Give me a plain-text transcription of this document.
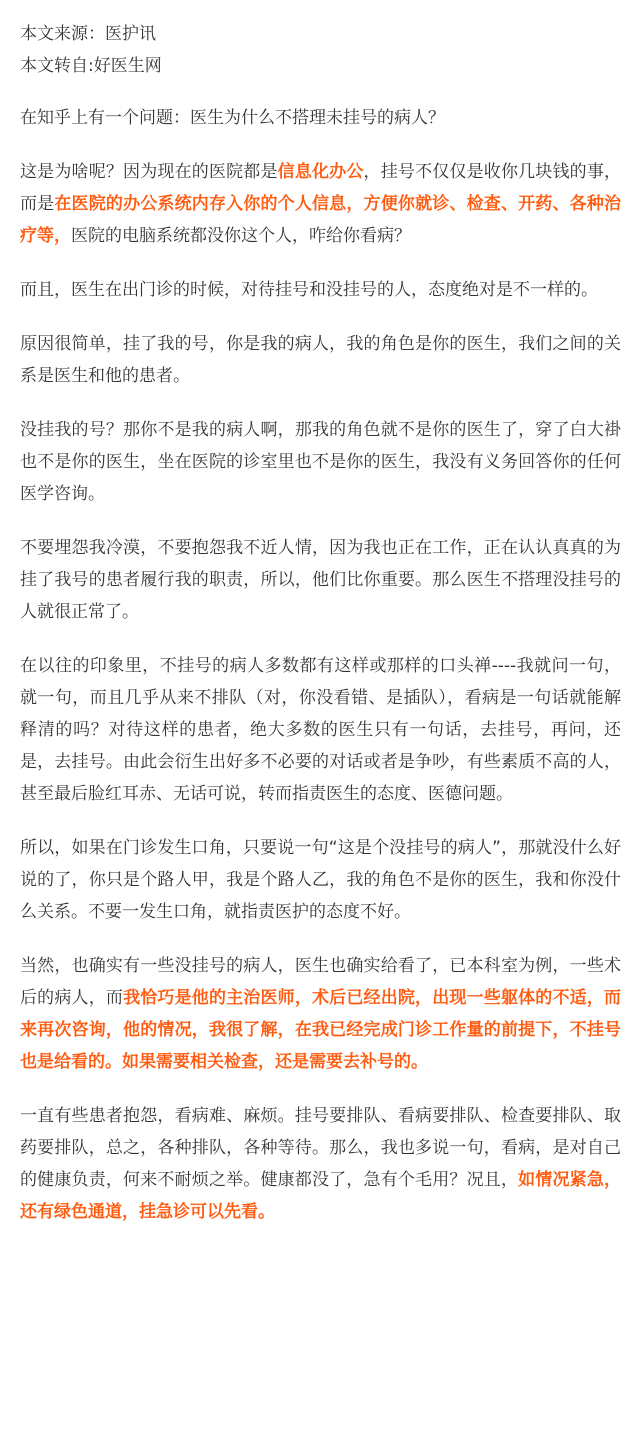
本文来源：医护讯

本文转自:好医生网

在知乎上有一个问题：医生为什么不搭理未挂号的病人？

这是为啥呢？因为现在的医院都是信息化办公，挂号不仅仅是收你几块钱的事，而是在医院的办公系统内存入你的个人信息，方便你就诊、检查、开药、各种治疗等，医院的电脑系统都没你这个人，咋给你看病？

而且，医生在出门诊的时候，对待挂号和没挂号的人，态度绝对是不一样的。

原因很简单，挂了我的号，你是我的病人，我的角色是你的医生，我们之间的关系是医生和他的患者。

没挂我的号？那你不是我的病人啊，那我的角色就不是你的医生了，穿了白大褂也不是你的医生，坐在医院的诊室里也不是你的医生，我没有义务回答你的任何医学咨询。

不要埋怨我冷漠，不要抱怨我不近人情，因为我也正在工作，正在认认真真的为挂了我号的患者履行我的职责，所以，他们比你重要。那么医生不搭理没挂号的人就很正常了。

在以往的印象里，不挂号的病人多数都有这样或那样的口头禅----我就问一句，就一句，而且几乎从来不排队（对，你没看错、是插队），看病是一句话就能解释清的吗？对待这样的患者，绝大多数的医生只有一句话，去挂号，再问，还是，去挂号。由此会衍生出好多不必要的对话或者是争吵，有些素质不高的人，甚至最后脸红耳赤、无话可说，转而指责医生的态度、医德问题。

所以，如果在门诊发生口角，只要说一句“这是个没挂号的病人”，那就没什么好说的了，你只是个路人甲，我是个路人乙，我的角色不是你的医生，我和你没什么关系。不要一发生口角，就指责医护的态度不好。

当然，也确实有一些没挂号的病人，医生也确实给看了，已本科室为例，一些术后的病人，而我恰巧是他的主治医师，术后已经出院，出现一些躯体的不适，而来再次咨询，他的情况，我很了解，在我已经完成门诊工作量的前提下，不挂号也是给看的。如果需要相关检查，还是需要去补号的。

一直有些患者抱怨，看病难、麻烦。挂号要排队、看病要排队、检查要排队、取药要排队，总之，各种排队，各种等待。那么，我也多说一句，看病，是对自己的健康负责，何来不耐烦之举。健康都没了，急有个毛用？况且，如情况紧急，还有绿色通道，挂急诊可以先看。
